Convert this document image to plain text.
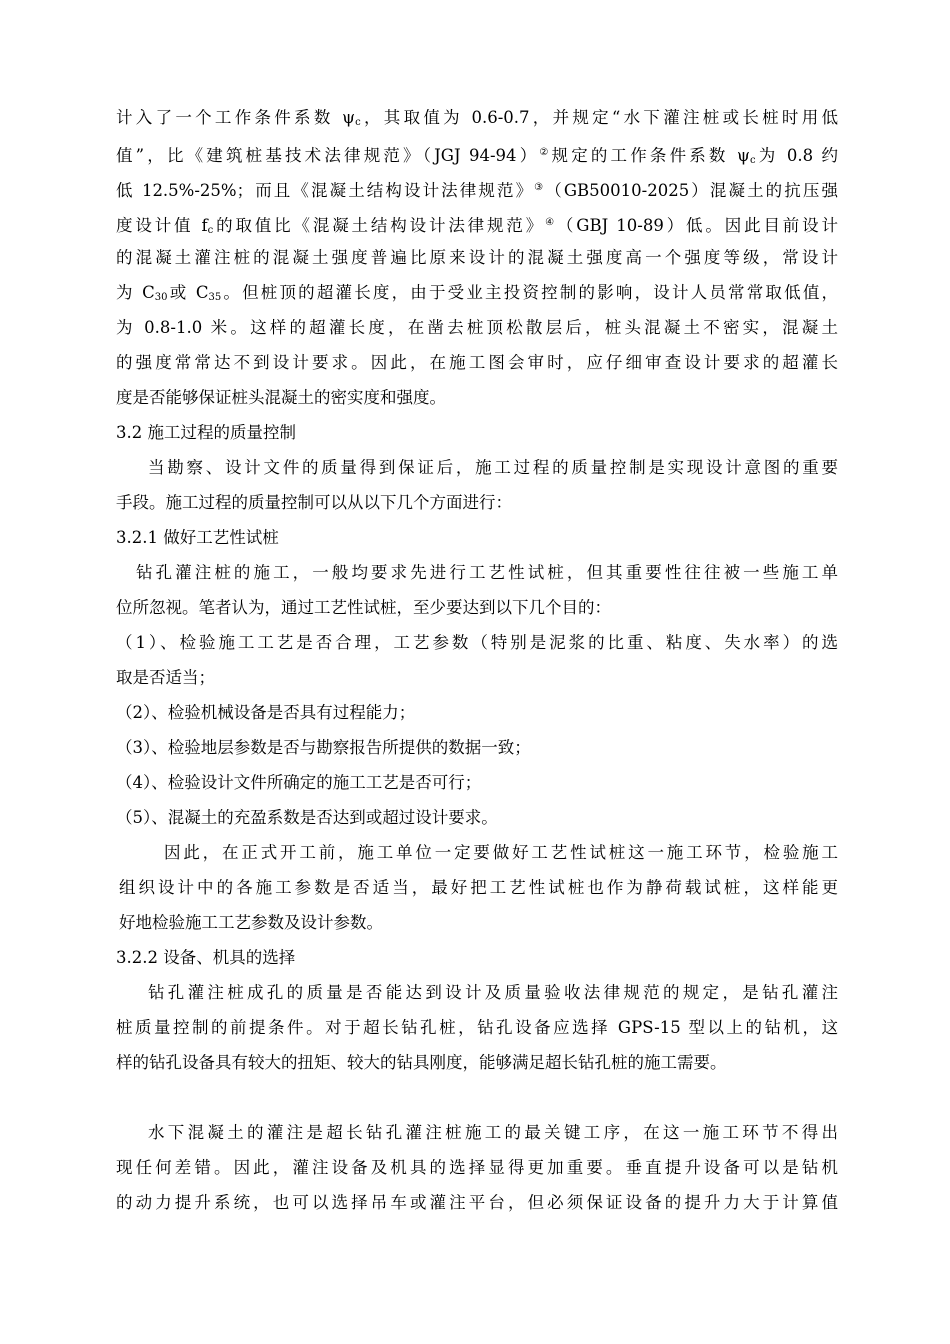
计入了一个工作条件系数 $\psi_c$，其取值为 0.6-0.7，并规定“水下灌注桩或长桩时用低
值”，比《建筑桩基技术法律规范》（JGJ 94-94）②规定的工作条件系数 $\psi_c$为 0.8 约
低 12.5%-25%；而且《混凝土结构设计法律规范》③（GB50010-2025）混凝土的抗压强
度设计值 $f_c$的取值比《混凝土结构设计法律规范》④（GBJ 10-89）低。因此目前设计
的混凝土灌注桩的混凝土强度普遍比原来设计的混凝土强度高一个强度等级，常设计
为 $C_{30}$或 $C_{35}$。但桩顶的超灌长度，由于受业主投资控制的影响，设计人员常常取低值，
为 0.8-1.0 米。这样的超灌长度，在凿去桩顶松散层后，桩头混凝土不密实，混凝土
的强度常常达不到设计要求。因此，在施工图会审时，应仔细审查设计要求的超灌长
度是否能够保证桩头混凝土的密实度和强度。
3.2 施工过程的质量控制
当勘察、设计文件的质量得到保证后，施工过程的质量控制是实现设计意图的重要
手段。施工过程的质量控制可以从以下几个方面进行：
3.2.1 做好工艺性试桩
钻孔灌注桩的施工，一般均要求先进行工艺性试桩，但其重要性往往被一些施工单
位所忽视。笔者认为，通过工艺性试桩，至少要达到以下几个目的：
（1）、检验施工工艺是否合理，工艺参数（特别是泥浆的比重、粘度、失水率）的选
取是否适当；
（2）、检验机械设备是否具有过程能力；
（3）、检验地层参数是否与勘察报告所提供的数据一致；
（4）、检验设计文件所确定的施工工艺是否可行；
（5）、混凝土的充盈系数是否达到或超过设计要求。
因此，在正式开工前，施工单位一定要做好工艺性试桩这一施工环节，检验施工
组织设计中的各施工参数是否适当，最好把工艺性试桩也作为静荷载试桩，这样能更
好地检验施工工艺参数及设计参数。
3.2.2 设备、机具的选择
钻孔灌注桩成孔的质量是否能达到设计及质量验收法律规范的规定，是钻孔灌注
桩质量控制的前提条件。对于超长钻孔桩，钻孔设备应选择 GPS-15 型以上的钻机，这
样的钻孔设备具有较大的扭矩、较大的钻具刚度，能够满足超长钻孔桩的施工需要。
水下混凝土的灌注是超长钻孔灌注桩施工的最关键工序，在这一施工环节不得出
现任何差错。因此，灌注设备及机具的选择显得更加重要。垂直提升设备可以是钻机
的动力提升系统，也可以选择吊车或灌注平台，但必须保证设备的提升力大于计算值
